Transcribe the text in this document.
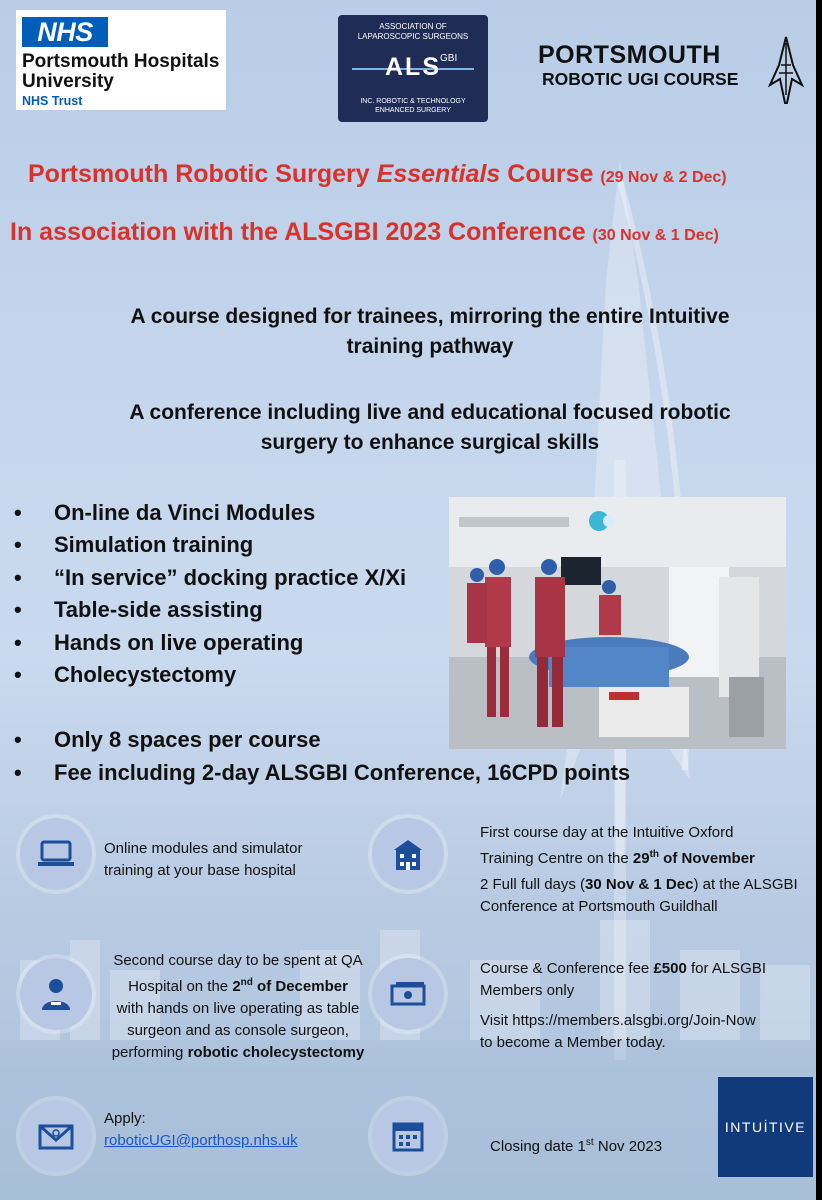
NHS
Portsmouth Hospitals
University
NHS Trust
ASSOCIATION OF
LAPAROSCOPIC SURGEONS
ALS GBI
INC. ROBOTIC & TECHNOLOGY
ENHANCED SURGERY
PORTSMOUTH
ROBOTIC UGI COURSE
Portsmouth Robotic Surgery Essentials Course (29 Nov & 2 Dec)
In association with the ALSGBI 2023 Conference (30 Nov & 1 Dec)
A course designed for trainees, mirroring the entire Intuitive
training pathway
A conference including live and educational focused robotic
surgery to enhance surgical skills
• On-line da Vinci Modules
• Simulation training
• “In service” docking practice X/Xi
• Table-side assisting
• Hands on live operating
• Cholecystectomy
• Only 8 spaces per course
• Fee including 2-day ALSGBI Conference, 16CPD points
Online modules and simulator
training at your base hospital
First course day at the Intuitive Oxford
Training Centre on the 29th of November
2 Full full days (30 Nov & 1 Dec) at the ALSGBI
Conference at Portsmouth Guildhall
Second course day to be spent at QA
Hospital on the 2nd of December
with hands on live operating as table
surgeon and as console surgeon,
performing robotic cholecystectomy
Course & Conference fee £500 for ALSGBI
Members only
Visit https://members.alsgbi.org/Join-Now
to become a Member today.
Apply:
roboticUGI@porthosp.nhs.uk	Closing date 1st Nov 2023
INTUİTIVE
